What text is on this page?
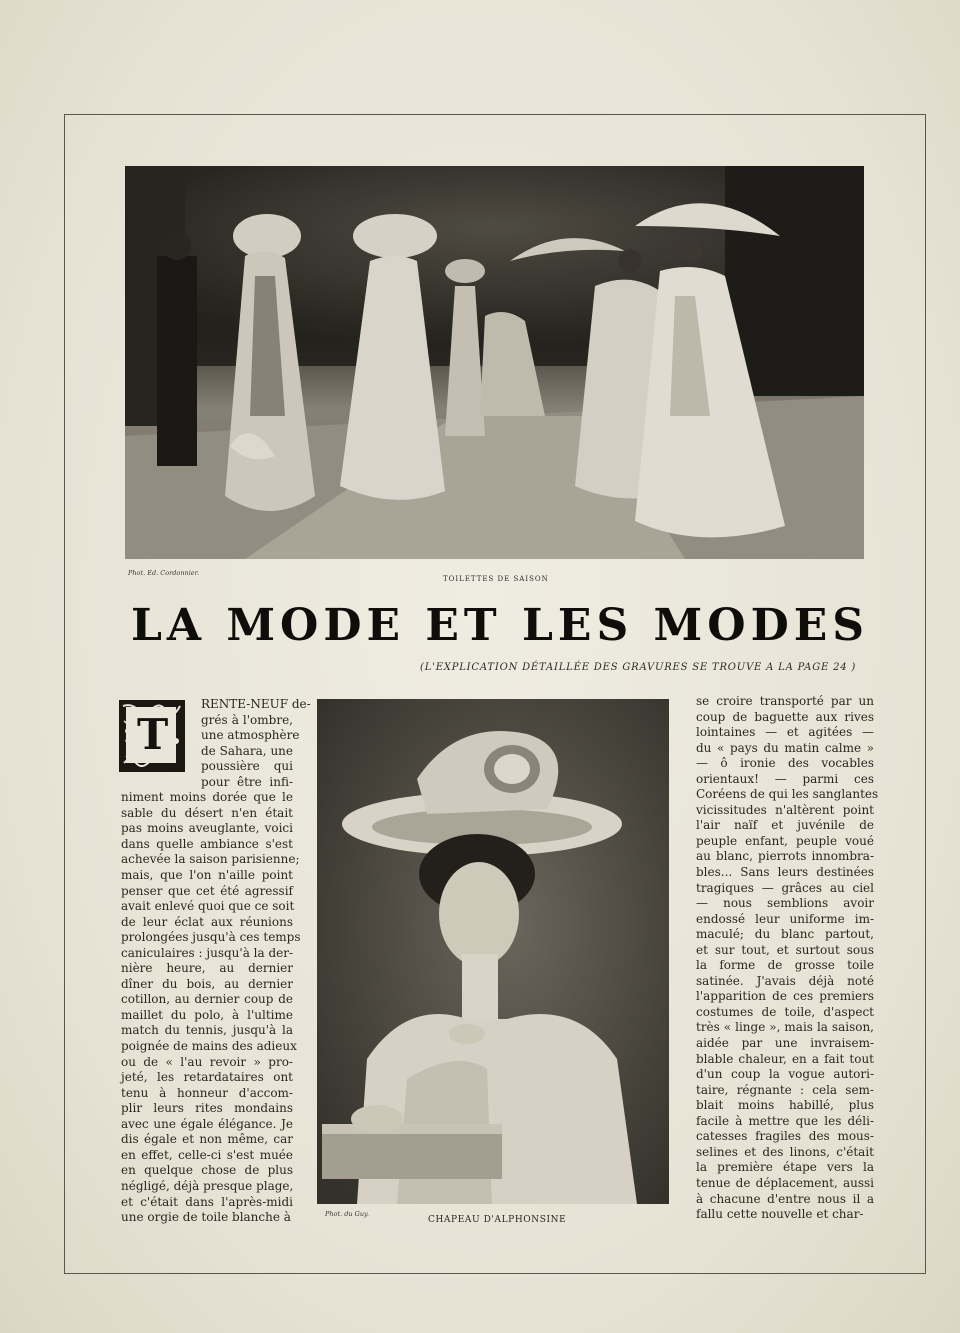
Phot. Ed. Cordonnier.
TOILETTES DE SAISON
LA MODE ET LES MODES
(L'EXPLICATION DÉTAILLÉE DES GRAVURES SE TROUVE A LA PAGE 24 )
T
RENTE-NEUF de-
grés à l'ombre,
une atmosphère
de Sahara, une
poussière qui
pour être infi-
niment moins dorée que le
sable du désert n'en était
pas moins aveuglante, voici
dans quelle ambiance s'est
achevée la saison parisienne;
mais, que l'on n'aille point
penser que cet été agressif
avait enlevé quoi que ce soit
de leur éclat aux réunions
prolongées jusqu'à ces temps
caniculaires : jusqu'à la der-
nière heure, au dernier
dîner du bois, au dernier
cotillon, au dernier coup de
maillet du polo, à l'ultime
match du tennis, jusqu'à la
poignée de mains des adieux
ou de « l'au revoir » pro-
jeté, les retardataires ont
tenu à honneur d'accom-
plir leurs rites mondains
avec une égale élégance. Je
dis égale et non même, car
en effet, celle-ci s'est muée
en quelque chose de plus
négligé, déjà presque plage,
et c'était dans l'après-midi
une orgie de toile blanche à	Phot. du Guy.
CHAPEAU D'ALPHONSINE
se croire transporté par un
coup de baguette aux rives
lointaines — et agitées —
du « pays du matin calme »
— ô ironie des vocables
orientaux! — parmi ces
Coréens de qui les sanglantes
vicissitudes n'altèrent point
l'air naïf et juvénile de
peuple enfant, peuple voué
au blanc, pierrots innombra-
bles... Sans leurs destinées
tragiques — grâces au ciel
— nous semblions avoir
endossé leur uniforme im-
maculé; du blanc partout,
et sur tout, et surtout sous
la forme de grosse toile
satinée. J'avais déjà noté
l'apparition de ces premiers
costumes de toile, d'aspect
très « linge », mais la saison,
aidée par une invraisem-
blable chaleur, en a fait tout
d'un coup la vogue autori-
taire, régnante : cela sem-
blait moins habillé, plus
facile à mettre que les déli-
catesses fragiles des mous-
selines et des linons, c'était
la première étape vers la
tenue de déplacement, aussi
à chacune d'entre nous il a
fallu cette nouvelle et char-
